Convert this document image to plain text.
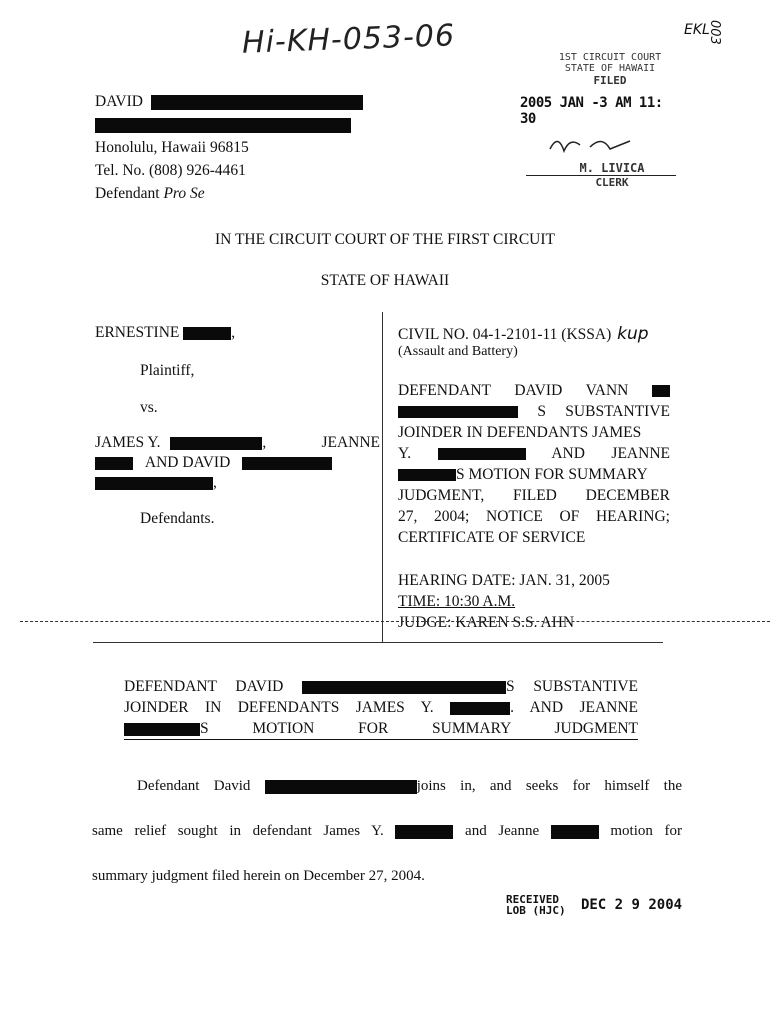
Hi-KH-053-06	EKL
003
1ST CIRCUIT COURT
STATE OF HAWAII
FILED
2005 JAN -3 AM 11: 30
M. LIVICA
CLERK
DAVID
Honolulu, Hawaii 96815
Tel. No. (808) 926-4461
Defendant Pro Se
IN THE CIRCUIT COURT OF THE FIRST CIRCUIT
STATE OF HAWAII
ERNESTINE	,
Plaintiff,
vs.
JAMES Y.	,	JEANNE
AND DAVID
,
Defendants.
CIVIL NO. 04-1-2101-11 (KSSA) kup
(Assault and Battery)
DEFENDANT DAVID VANN
S SUBSTANTIVE
JOINDER IN DEFENDANTS JAMES
Y.	AND JEANNE
S MOTION FOR SUMMARY
JUDGMENT, FILED DECEMBER
27, 2004; NOTICE OF HEARING;
CERTIFICATE OF SERVICE
HEARING DATE: JAN. 31, 2005
TIME: 10:30 A.M.
JUDGE: KAREN S.S. AHN
DEFENDANT DAVID	S SUBSTANTIVE
JOINDER IN DEFENDANTS JAMES Y.	. AND JEANNE
S MOTION FOR SUMMARY JUDGMENT
Defendant David	joins in, and seeks for himself the
same relief sought in defendant James Y.	and Jeanne	motion for
summary judgment filed herein on December 27, 2004.
RECEIVED
LOB (HJC) DEC 2 9 2004
